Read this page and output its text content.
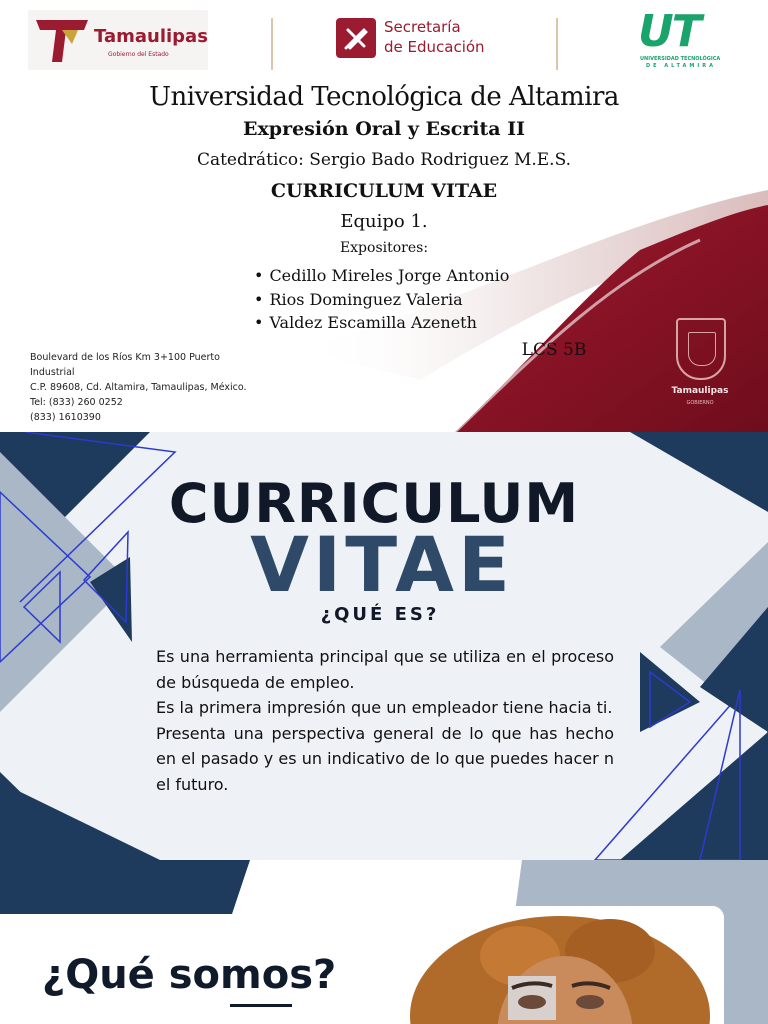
Tamaulipas
Gobierno del Estado
Secretaría
de Educación	UT
UNIVERSIDAD TECNOLÓGICA
DE ALTAMIRA
Universidad Tecnológica de Altamira
Expresión Oral y Escrita II
Catedrático: Sergio Bado Rodriguez M.E.S.
CURRICULUM VITAE
Equipo 1.
Expositores:
• Cedillo Mireles Jorge Antonio
• Rios Dominguez Valeria
• Valdez Escamilla Azeneth
LCS 5B
Boulevard de los Ríos Km 3+100 Puerto
Industrial
C.P. 89608, Cd. Altamira, Tamaulipas, México.
Tel: (833) 260 0252
(833) 1610390
Tamaulipas
GOBIERNO
CURRICULUM
VITAE
¿QUÉ ES?

Es una herramienta principal que se utiliza en el proceso de búsqueda de empleo.

Es la primera impresión que un empleador tiene hacia ti.

Presenta una perspectiva general de lo que has hecho en el pasado y es un indicativo de lo que puedes hacer n el futuro.

¿Qué somos?
